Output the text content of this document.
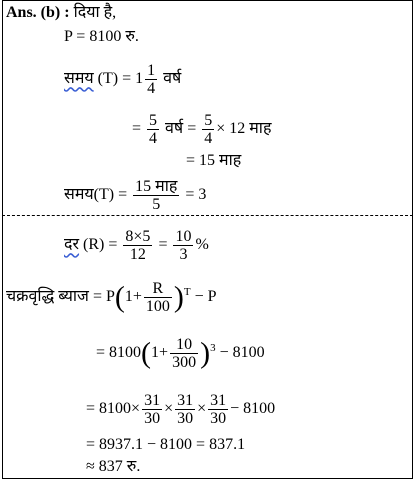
Ans. (b) : दिया है,
P = 8100 रु.
समय $(T) = 1 \frac{1}{4}$ वर्ष
= $\frac{5}{4}$ वर्ष = $\frac{5}{4} \times 12$ माह
= 15 माह
समय(T) = $\frac{\text{15 माह}}{5} = 3$
दर $(R) = \frac{8\times 5}{12} = \frac{10}{3}$ %
चक्रवृद्धि ब्याज = $P(1+ \frac{R}{100} )^T - P$
= $8100(1+ \frac{10}{300} )^3 - 8100$
= $8100\times \frac{31}{30} \times \frac{31}{30} \times \frac{31}{30} - 8100$
= 8937.1 − 8100 = 837.1
≈ 837 रु.
